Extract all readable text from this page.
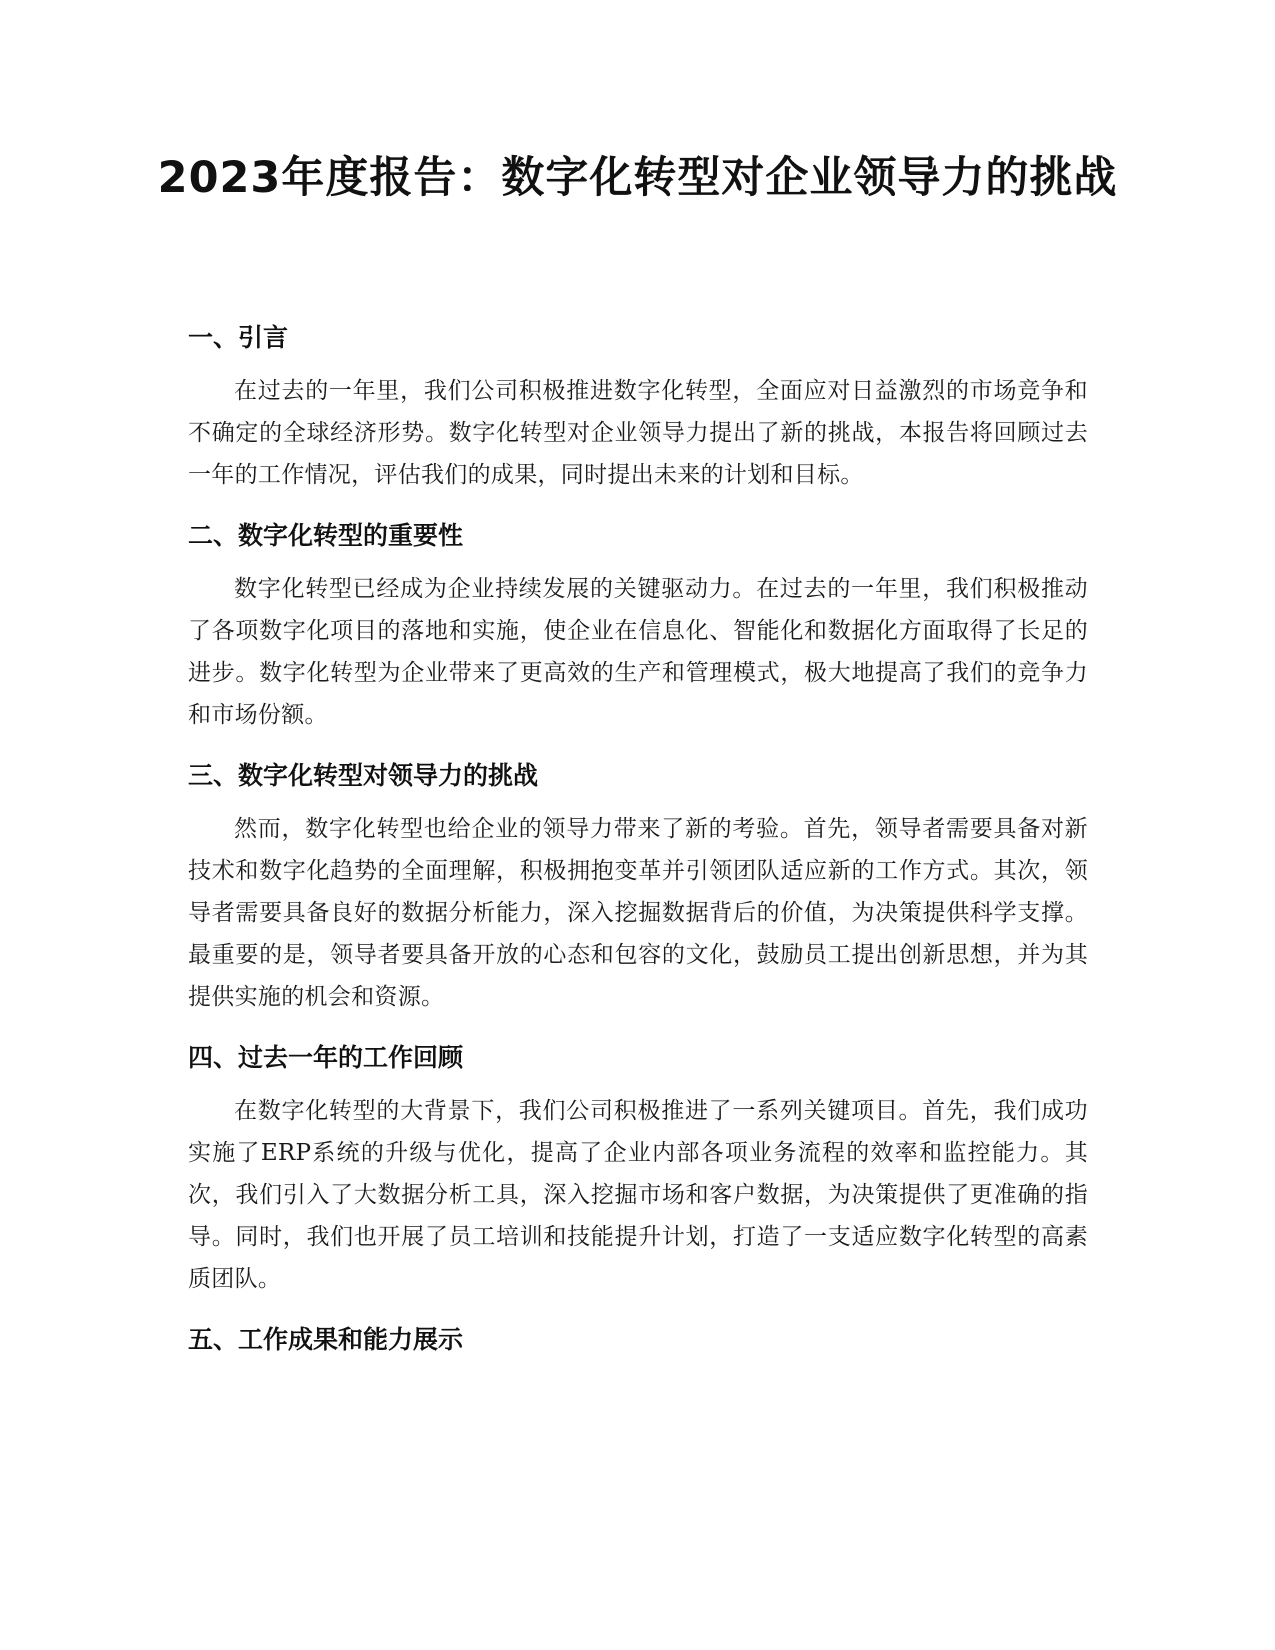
2023年度报告：数字化转型对企业领导力的挑战
一、引言

在过去的一年里，我们公司积极推进数字化转型，全面应对日益激烈的市场竞争和不确定的全球经济形势。数字化转型对企业领导力提出了新的挑战，本报告将回顾过去一年的工作情况，评估我们的成果，同时提出未来的计划和目标。

二、数字化转型的重要性

数字化转型已经成为企业持续发展的关键驱动力。在过去的一年里，我们积极推动了各项数字化项目的落地和实施，使企业在信息化、智能化和数据化方面取得了长足的进步。数字化转型为企业带来了更高效的生产和管理模式，极大地提高了我们的竞争力和市场份额。

三、数字化转型对领导力的挑战

然而，数字化转型也给企业的领导力带来了新的考验。首先，领导者需要具备对新技术和数字化趋势的全面理解，积极拥抱变革并引领团队适应新的工作方式。其次，领导者需要具备良好的数据分析能力，深入挖掘数据背后的价值，为决策提供科学支撑。最重要的是，领导者要具备开放的心态和包容的文化，鼓励员工提出创新思想，并为其提供实施的机会和资源。

四、过去一年的工作回顾

在数字化转型的大背景下，我们公司积极推进了一系列关键项目。首先，我们成功实施了ERP系统的升级与优化，提高了企业内部各项业务流程的效率和监控能力。其次，我们引入了大数据分析工具，深入挖掘市场和客户数据，为决策提供了更准确的指导。同时，我们也开展了员工培训和技能提升计划，打造了一支适应数字化转型的高素质团队。

五、工作成果和能力展示
